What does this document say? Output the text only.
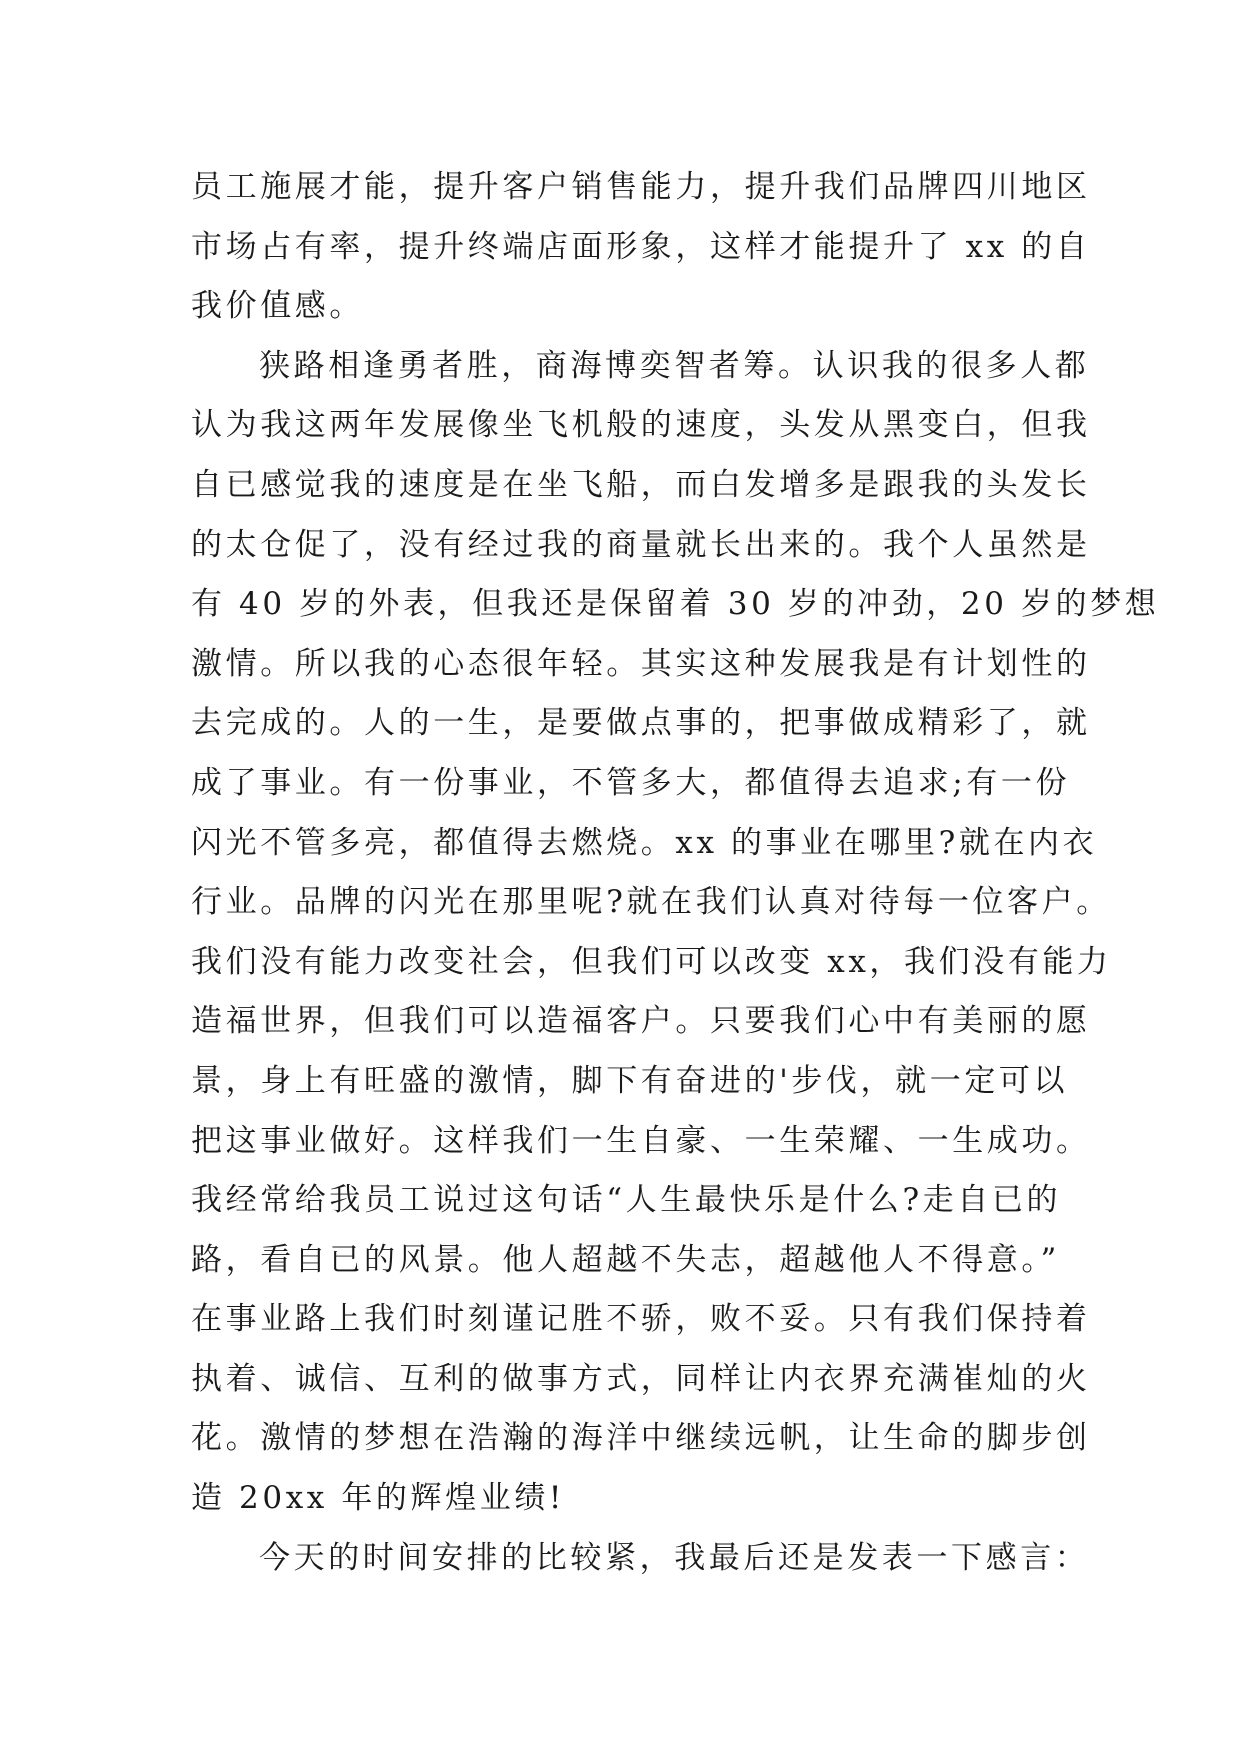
员工施展才能，提升客户销售能力，提升我们品牌四川地区
市场占有率，提升终端店面形象，这样才能提升了 xx 的自
我价值感。
狭路相逢勇者胜，商海博奕智者筹。认识我的很多人都
认为我这两年发展像坐飞机般的速度，头发从黑变白，但我
自已感觉我的速度是在坐飞船，而白发增多是跟我的头发长
的太仓促了，没有经过我的商量就长出来的。我个人虽然是
有 40 岁的外表，但我还是保留着 30 岁的冲劲，20 岁的梦想
激情。所以我的心态很年轻。其实这种发展我是有计划性的
去完成的。人的一生，是要做点事的，把事做成精彩了，就
成了事业。有一份事业，不管多大，都值得去追求;有一份
闪光不管多亮，都值得去燃烧。xx 的事业在哪里?就在内衣
行业。品牌的闪光在那里呢?就在我们认真对待每一位客户。
我们没有能力改变社会，但我们可以改变 xx，我们没有能力
造福世界，但我们可以造福客户。只要我们心中有美丽的愿
景，身上有旺盛的激情，脚下有奋进的'步伐，就一定可以
把这事业做好。这样我们一生自豪、一生荣耀、一生成功。
我经常给我员工说过这句话“人生最快乐是什么?走自已的
路，看自已的风景。他人超越不失志，超越他人不得意。”
在事业路上我们时刻谨记胜不骄，败不妥。只有我们保持着
执着、诚信、互利的做事方式，同样让内衣界充满崔灿的火
花。激情的梦想在浩瀚的海洋中继续远帆，让生命的脚步创
造 20xx 年的辉煌业绩!
今天的时间安排的比较紧，我最后还是发表一下感言：
